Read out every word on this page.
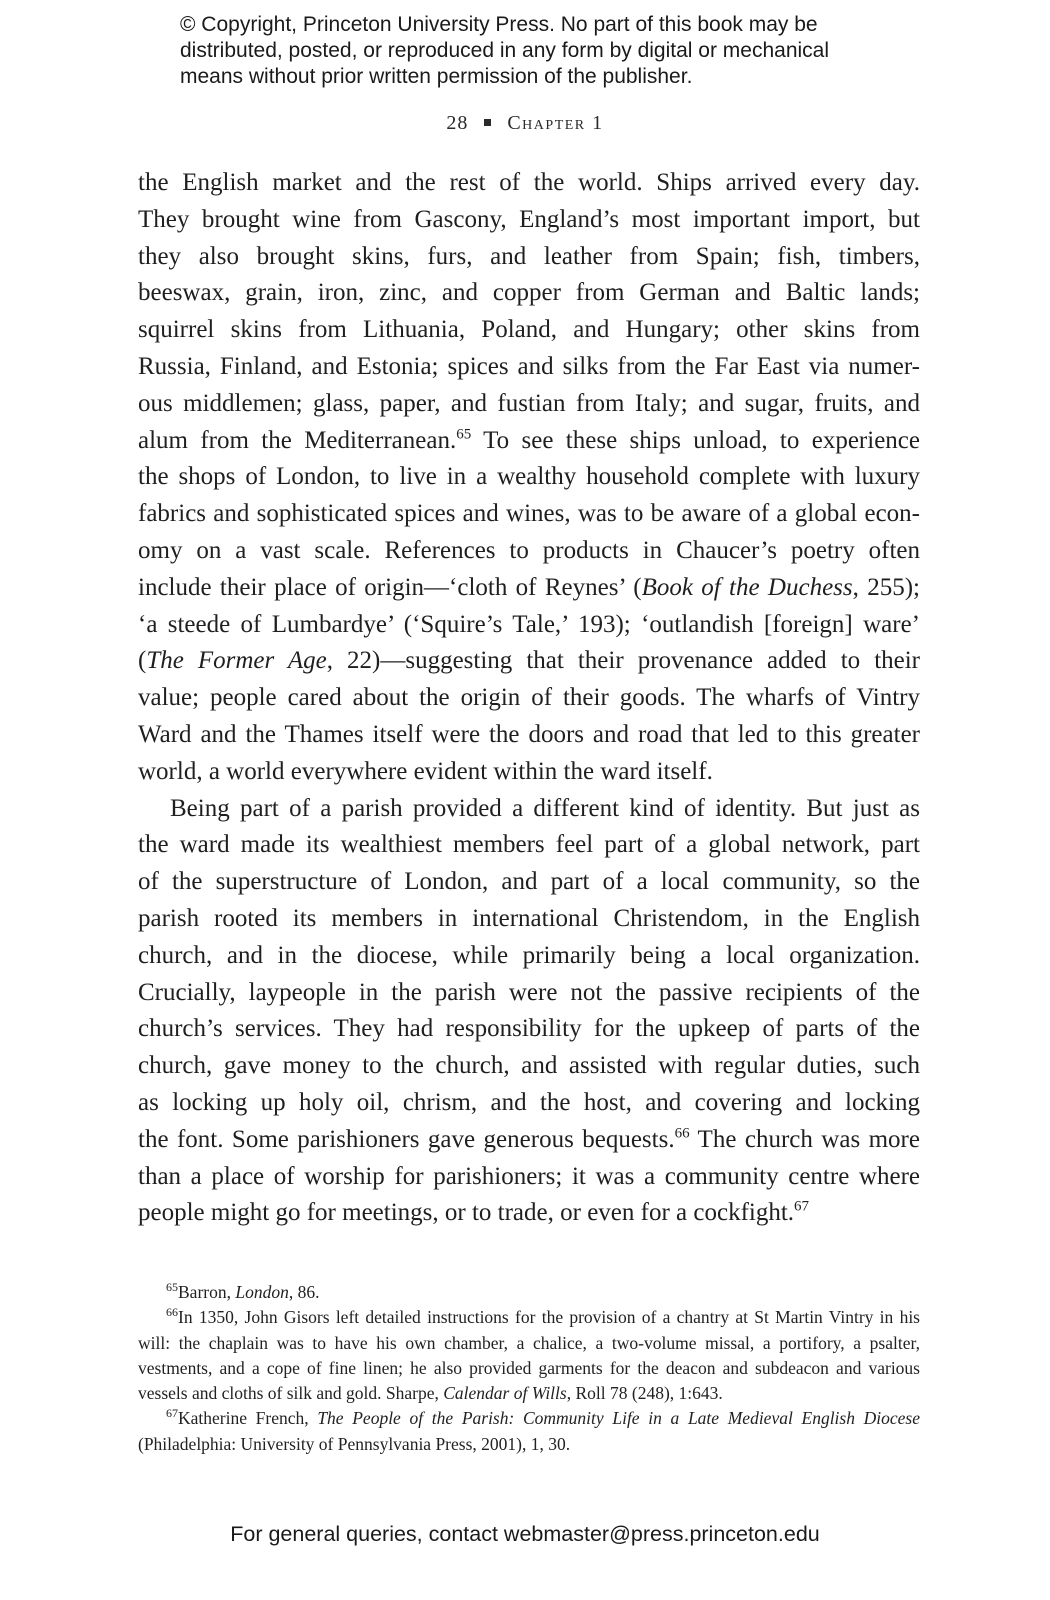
© Copyright, Princeton University Press. No part of this book may be
distributed, posted, or reproduced in any form by digital or mechanical
means without prior written permission of the publisher.
28 Chapter 1
the English market and the rest of the world. Ships arrived every day.
They brought wine from Gascony, England’s most important import, but
they also brought skins, furs, and leather from Spain; fish, timbers,
beeswax, grain, iron, zinc, and copper from German and Baltic lands;
squirrel skins from Lithuania, Poland, and Hungary; other skins from
Russia, Finland, and Estonia; spices and silks from the Far East via numer-
ous middlemen; glass, paper, and fustian from Italy; and sugar, fruits, and
alum from the Mediterranean.$^{65}$ To see these ships unload, to experience
the shops of London, to live in a wealthy household complete with luxury
fabrics and sophisticated spices and wines, was to be aware of a global econ-
omy on a vast scale. References to products in Chaucer’s poetry often
include their place of origin—‘cloth of Reynes’ (Book of the Duchess, 255);
‘a steede of Lumbardye’ (‘Squire’s Tale,’ 193); ‘outlandish [foreign] ware’
(The Former Age, 22)—suggesting that their provenance added to their
value; people cared about the origin of their goods. The wharfs of Vintry
Ward and the Thames itself were the doors and road that led to this greater
world, a world everywhere evident within the ward itself.
Being part of a parish provided a different kind of identity. But just as
the ward made its wealthiest members feel part of a global network, part
of the superstructure of London, and part of a local community, so the
parish rooted its members in international Christendom, in the English
church, and in the diocese, while primarily being a local organization.
Crucially, laypeople in the parish were not the passive recipients of the
church’s services. They had responsibility for the upkeep of parts of the
church, gave money to the church, and assisted with regular duties, such
as locking up holy oil, chrism, and the host, and covering and locking
the font. Some parishioners gave generous bequests.$^{66}$ The church was more
than a place of worship for parishioners; it was a community centre where
people might go for meetings, or to trade, or even for a cockfight.$^{67}$
$^{65}$Barron, London, 86.
$^{66}$In 1350, John Gisors left detailed instructions for the provision of a chantry at St Martin Vintry in his will: the chaplain was to have his own chamber, a chalice, a two-volume missal, a portifory, a psalter, vestments, and a cope of fine linen; he also provided garments for the deacon and subdeacon and various vessels and cloths of silk and gold. Sharpe, Calendar of Wills, Roll 78 (248), 1:643.
$^{67}$Katherine French, The People of the Parish: Community Life in a Late Medieval English Diocese (Philadelphia: University of Pennsylvania Press, 2001), 1, 30.
For general queries, contact webmaster@press.princeton.edu
